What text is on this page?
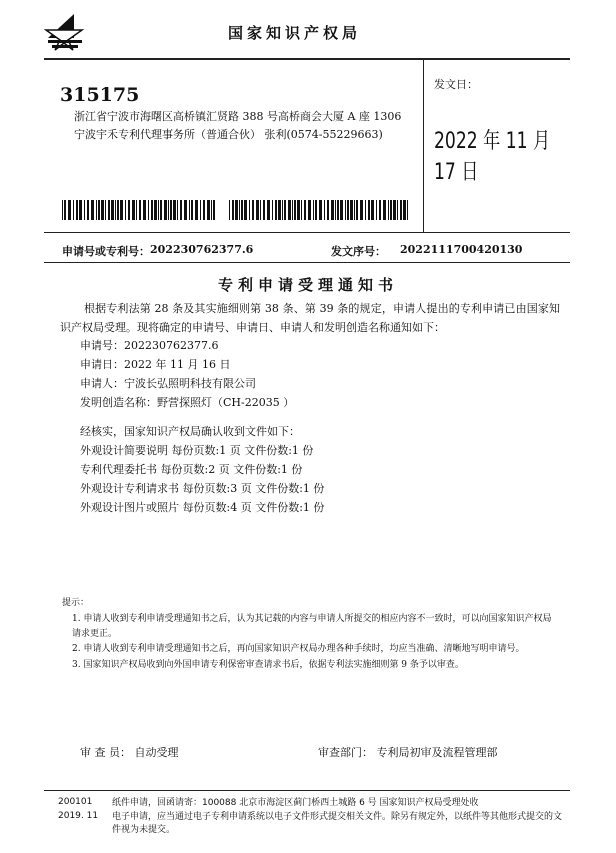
国家知识产权局
315175
浙江省宁波市海曙区高桥镇汇贤路 388 号高桥商会大厦 A 座 1306
宁波宇禾专利代理事务所（普通合伙） 张利(0574-55229663)
发文日：
2022 年 11 月 17 日
申请号或专利号： 202230762377.6	发文序号： 2022111700420130
专利申请受理通知书
根据专利法第 28 条及其实施细则第 38 条、第 39 条的规定，申请人提出的专利申请已由国家知识产权局受理。现将确定的申请号、申请日、申请人和发明创造名称通知如下：
申请号：202230762377.6
申请日：2022 年 11 月 16 日
申请人：宁波长弘照明科技有限公司
发明创造名称：野营探照灯（CH-22035 ）
经核实，国家知识产权局确认收到文件如下：
外观设计简要说明 每份页数:1 页 文件份数:1 份
专利代理委托书 每份页数:2 页 文件份数:1 份
外观设计专利请求书 每份页数:3 页 文件份数:1 份
外观设计图片或照片 每份页数:4 页 文件份数:1 份
提示：
1. 申请人收到专利申请受理通知书之后，认为其记载的内容与申请人所提交的相应内容不一致时，可以向国家知识产权局请求更正。
2. 申请人收到专利申请受理通知书之后，再向国家知识产权局办理各种手续时，均应当准确、清晰地写明申请号。
3. 国家知识产权局收到向外国申请专利保密审查请求书后，依据专利法实施细则第 9 条予以审查。
审 查 员： 自动受理	审查部门： 专利局初审及流程管理部
200101
2019. 11
纸件申请，回函请寄：100088 北京市海淀区蓟门桥西土城路 6 号 国家知识产权局受理处收
电子申请，应当通过电子专利申请系统以电子文件形式提交相关文件。除另有规定外，以纸件等其他形式提交的文件视为未提交。
